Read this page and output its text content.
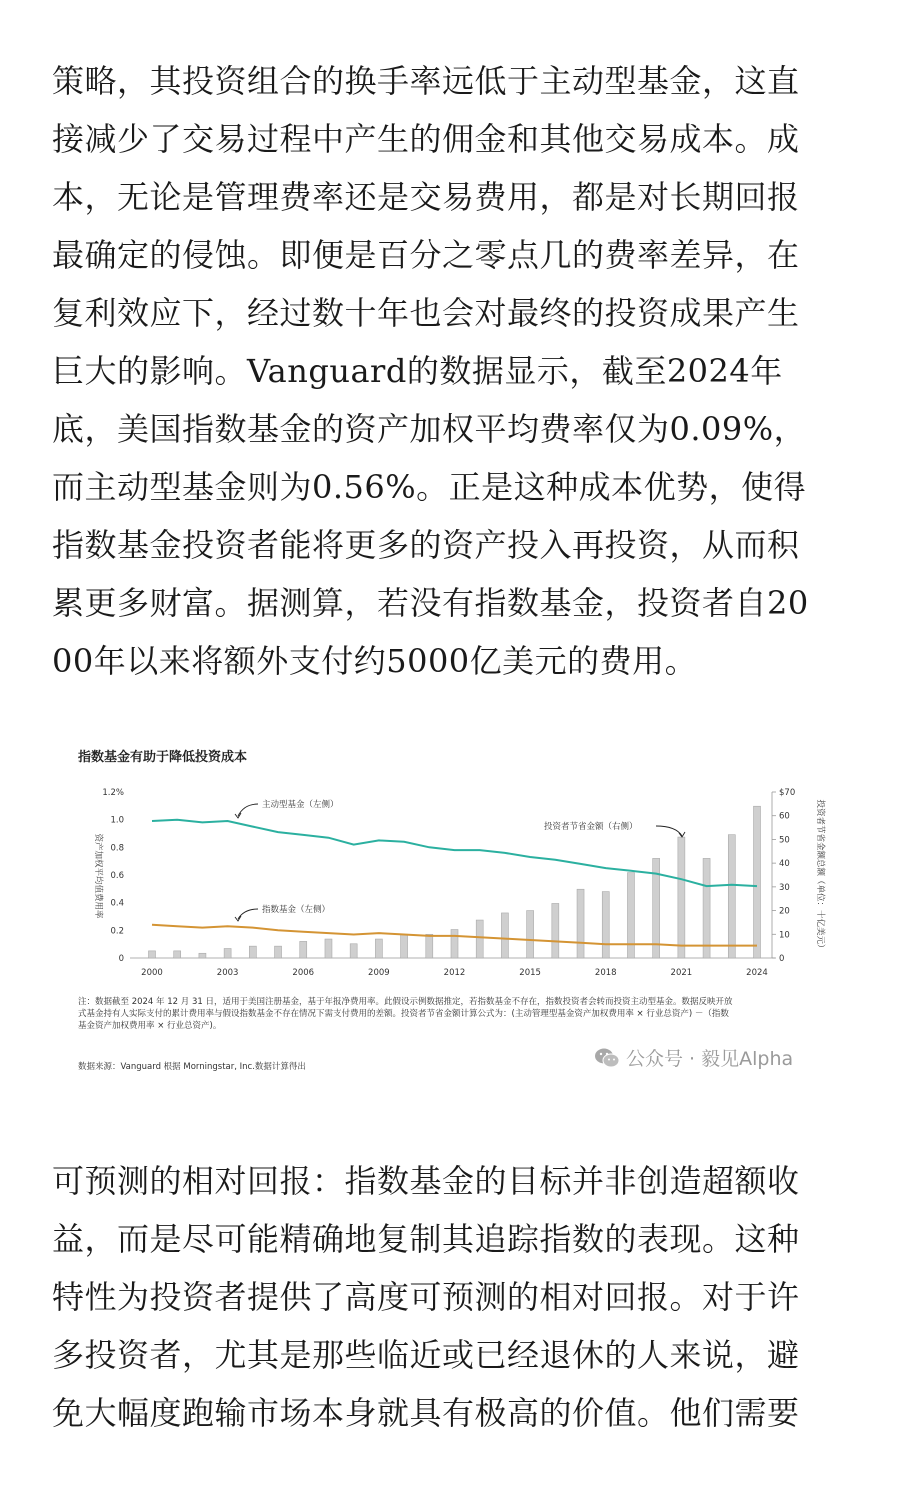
策略，其投资组合的换手率远低于主动型基金，这直
接减少了交易过程中产生的佣金和其他交易成本。成
本，无论是管理费率还是交易费用，都是对长期回报
最确定的侵蚀。即便是百分之零点几的费率差异，在
复利效应下，经过数十年也会对最终的投资成果产生
巨大的影响。Vanguard的数据显示，截至2024年
底，美国指数基金的资产加权平均费率仅为0.09%，
而主动型基金则为0.56%。正是这种成本优势，使得
指数基金投资者能将更多的资产投入再投资，从而积
累更多财富。据测算，若没有指数基金，投资者自20
00年以来将额外支付约5000亿美元的费用。
指数基金有助于降低投资成本
0
0.2
0.4
0.6
0.8
1.0
1.2%
0
10
20
30
40
50
60
$70
2000	2003	2006	2009	2012	2015	2018	2021	2024
资产加权平均值费用率	投资者节省金额总额（单位：十亿美元）
主动型基金（左侧）
指数基金（左侧）
投资者节省金额（右侧）
注：数据截至 2024 年 12 月 31 日，适用于美国注册基金，基于年报净费用率。此假设示例数据推定，若指数基金不存在，指数投资者会转而投资主动型基金。数据反映开放
式基金持有人实际支付的累计费用率与假设指数基金不存在情况下需支付费用的差额。投资者节省金额计算公式为：(主动管理型基金资产加权费用率 × 行业总资产) －（指数
基金资产加权费用率 × 行业总资产)。
数据来源：Vanguard 根据 Morningstar, Inc.数据计算得出	公众号 · 毅见Alpha
可预测的相对回报：指数基金的目标并非创造超额收
益，而是尽可能精确地复制其追踪指数的表现。这种
特性为投资者提供了高度可预测的相对回报。对于许
多投资者，尤其是那些临近或已经退休的人来说，避
免大幅度跑输市场本身就具有极高的价值。他们需要
